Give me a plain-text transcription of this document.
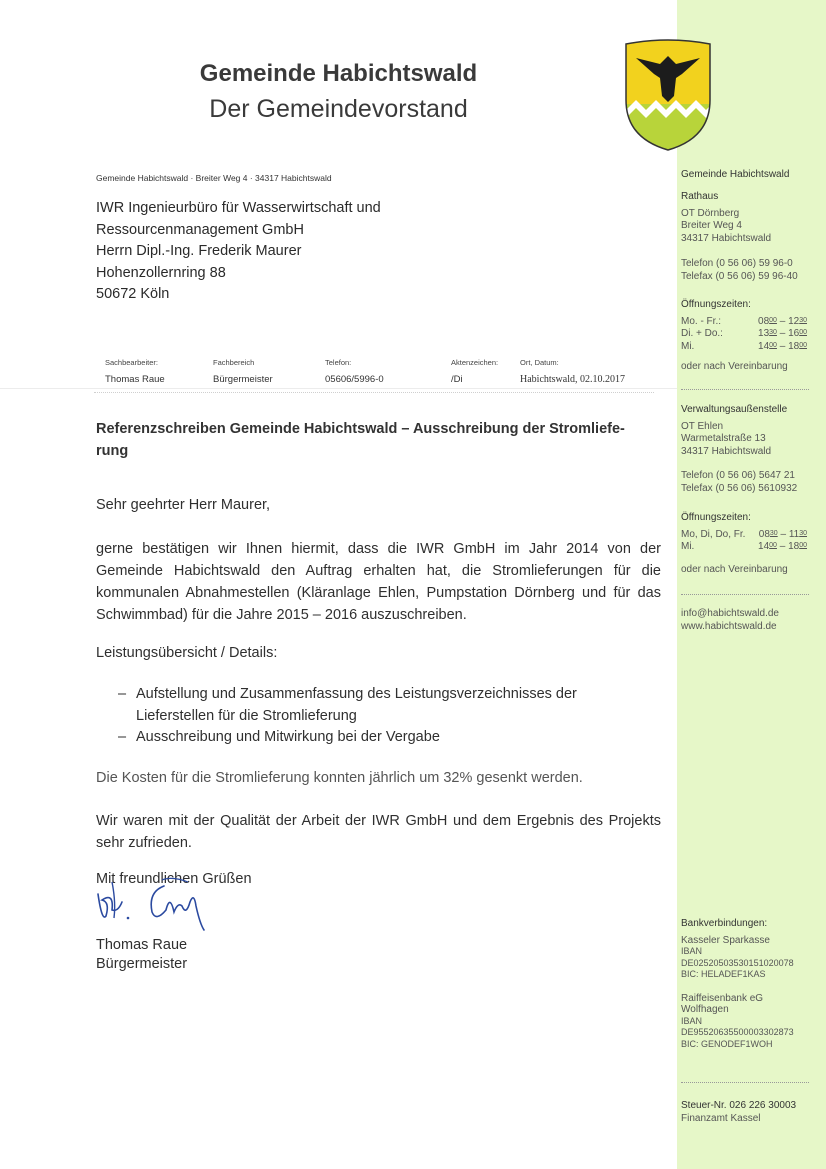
Gemeinde Habichtswald
Der Gemeindevorstand
Gemeinde Habichtswald · Breiter Weg 4 · 34317 Habichtswald
IWR Ingenieurbüro für Wasserwirtschaft und
Ressourcenmanagement GmbH
Herrn Dipl.-Ing. Frederik Maurer
Hohenzollernring 88
50672 Köln
Sachbearbeiter:	Fachbereich	Telefon:	Aktenzeichen:	Ort, Datum:
Thomas Raue	Bürgermeister	05606/5996-0	/Di	Habichtswald, 02.10.2017
Referenzschreiben Gemeinde Habichtswald – Ausschreibung der Stromliefe-
rung
Sehr geehrter Herr Maurer,
gerne bestätigen wir Ihnen hiermit, dass die IWR GmbH im Jahr 2014 von der Gemeinde Habichtswald den Auftrag erhalten hat, die Stromlieferungen für die kommunalen Abnahmestellen (Kläranlage Ehlen, Pumpstation Dörnberg und für das Schwimmbad) für die Jahre 2015 – 2016 auszuschreiben.
Leistungsübersicht / Details:
– Aufstellung und Zusammenfassung des Leistungsverzeichnisses der
Lieferstellen für die Stromlieferung
– Ausschreibung und Mitwirkung bei der Vergabe
Die Kosten für die Stromlieferung konnten jährlich um 32% gesenkt werden.
Wir waren mit der Qualität der Arbeit der IWR GmbH und dem Ergebnis des Projekts sehr zufrieden.
Mit freundlichen Grüßen
Thomas Raue
Bürgermeister
Gemeinde Habichtswald
Rathaus
OT Dörnberg
Breiter Weg 4
34317 Habichtswald
Telefon (0 56 06) 59 96-0
Telefax (0 56 06) 59 96-40
Öffnungszeiten:
Mo. - Fr.:	$08^{00} - 12^{30}$
Di. + Do.:	$13^{30} - 16^{00}$
Mi.	$14^{00} - 18^{00}$
oder nach Vereinbarung
Verwaltungsaußenstelle
OT Ehlen
Warmetalstraße 13
34317 Habichtswald
Telefon (0 56 06) 5647 21
Telefax (0 56 06) 5610932
Öffnungszeiten:
Mo, Di, Do, Fr. $08^{30} - 11^{30}$
Mi.	$14^{00} - 18^{00}$
oder nach Vereinbarung
info@habichtswald.de
www.habichtswald.de
Bankverbindungen:
Kasseler Sparkasse
IBAN
DE02520503530151020078
BIC: HELADEF1KAS
Raiffeisenbank eG
Wolfhagen
IBAN
DE95520635500003302873
BIC: GENODEF1WOH
Steuer-Nr. 026 226 30003
Finanzamt Kassel
